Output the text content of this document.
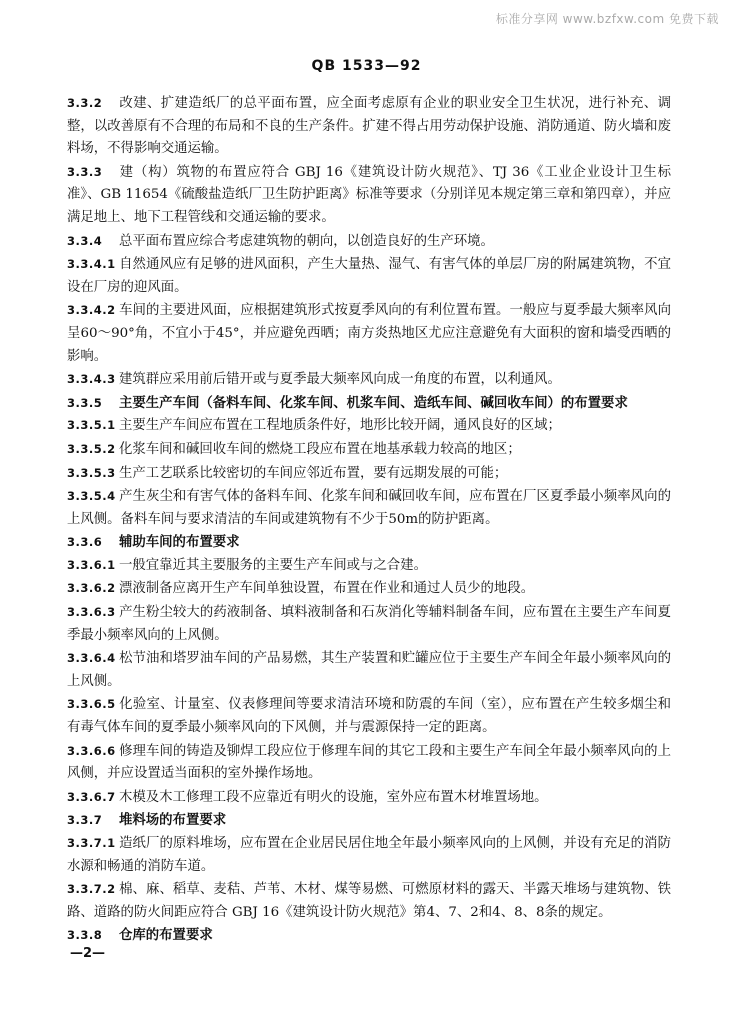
标准分享网 www.bzfxw.com 免费下载
QB 1533—92

3.3.2 改建、扩建造纸厂的总平面布置，应全面考虑原有企业的职业安全卫生状况，进行补充、调整，以改善原有不合理的布局和不良的生产条件。扩建不得占用劳动保护设施、消防通道、防火墙和废料场，不得影响交通运输。

3.3.3 建（构）筑物的布置应符合 GBJ 16《建筑设计防火规范》、TJ 36《工业企业设计卫生标准》、GB 11654《硫酸盐造纸厂卫生防护距离》标准等要求（分别详见本规定第三章和第四章），并应满足地上、地下工程管线和交通运输的要求。

3.3.4 总平面布置应综合考虑建筑物的朝向，以创造良好的生产环境。

3.3.4.1 自然通风应有足够的进风面积，产生大量热、湿气、有害气体的单层厂房的附属建筑物，不宜设在厂房的迎风面。

3.3.4.2 车间的主要进风面，应根据建筑形式按夏季风向的有利位置布置。一般应与夏季最大频率风向呈60～90°角，不宜小于45°，并应避免西晒；南方炎热地区尤应注意避免有大面积的窗和墙受西晒的影响。

3.3.4.3 建筑群应采用前后错开或与夏季最大频率风向成一角度的布置，以利通风。

3.3.5 主要生产车间（备料车间、化浆车间、机浆车间、造纸车间、碱回收车间）的布置要求

3.3.5.1 主要生产车间应布置在工程地质条件好，地形比较开阔，通风良好的区域；

3.3.5.2 化浆车间和碱回收车间的燃烧工段应布置在地基承载力较高的地区；

3.3.5.3 生产工艺联系比较密切的车间应邻近布置，要有远期发展的可能；

3.3.5.4 产生灰尘和有害气体的备料车间、化浆车间和碱回收车间，应布置在厂区夏季最小频率风向的上风侧。备料车间与要求清洁的车间或建筑物有不少于50m的防护距离。

3.3.6 辅助车间的布置要求

3.3.6.1 一般宜靠近其主要服务的主要生产车间或与之合建。

3.3.6.2 漂液制备应离开生产车间单独设置，布置在作业和通过人员少的地段。

3.3.6.3 产生粉尘较大的药液制备、填料液制备和石灰消化等辅料制备车间，应布置在主要生产车间夏季最小频率风向的上风侧。

3.3.6.4 松节油和塔罗油车间的产品易燃，其生产装置和贮罐应位于主要生产车间全年最小频率风向的上风侧。

3.3.6.5 化验室、计量室、仪表修理间等要求清洁环境和防震的车间（室），应布置在产生较多烟尘和有毒气体车间的夏季最小频率风向的下风侧，并与震源保持一定的距离。

3.3.6.6 修理车间的铸造及铆焊工段应位于修理车间的其它工段和主要生产车间全年最小频率风向的上风侧，并应设置适当面积的室外操作场地。

3.3.6.7 木模及木工修理工段不应靠近有明火的设施，室外应布置木材堆置场地。

3.3.7 堆料场的布置要求

3.3.7.1 造纸厂的原料堆场，应布置在企业居民居住地全年最小频率风向的上风侧，并设有充足的消防水源和畅通的消防车道。

3.3.7.2 棉、麻、稻草、麦秸、芦苇、木材、煤等易燃、可燃原材料的露天、半露天堆场与建筑物、铁路、道路的防火间距应符合 GBJ 16《建筑设计防火规范》第4、7、2和4、8、8条的规定。

3.3.8 仓库的布置要求

—2—
